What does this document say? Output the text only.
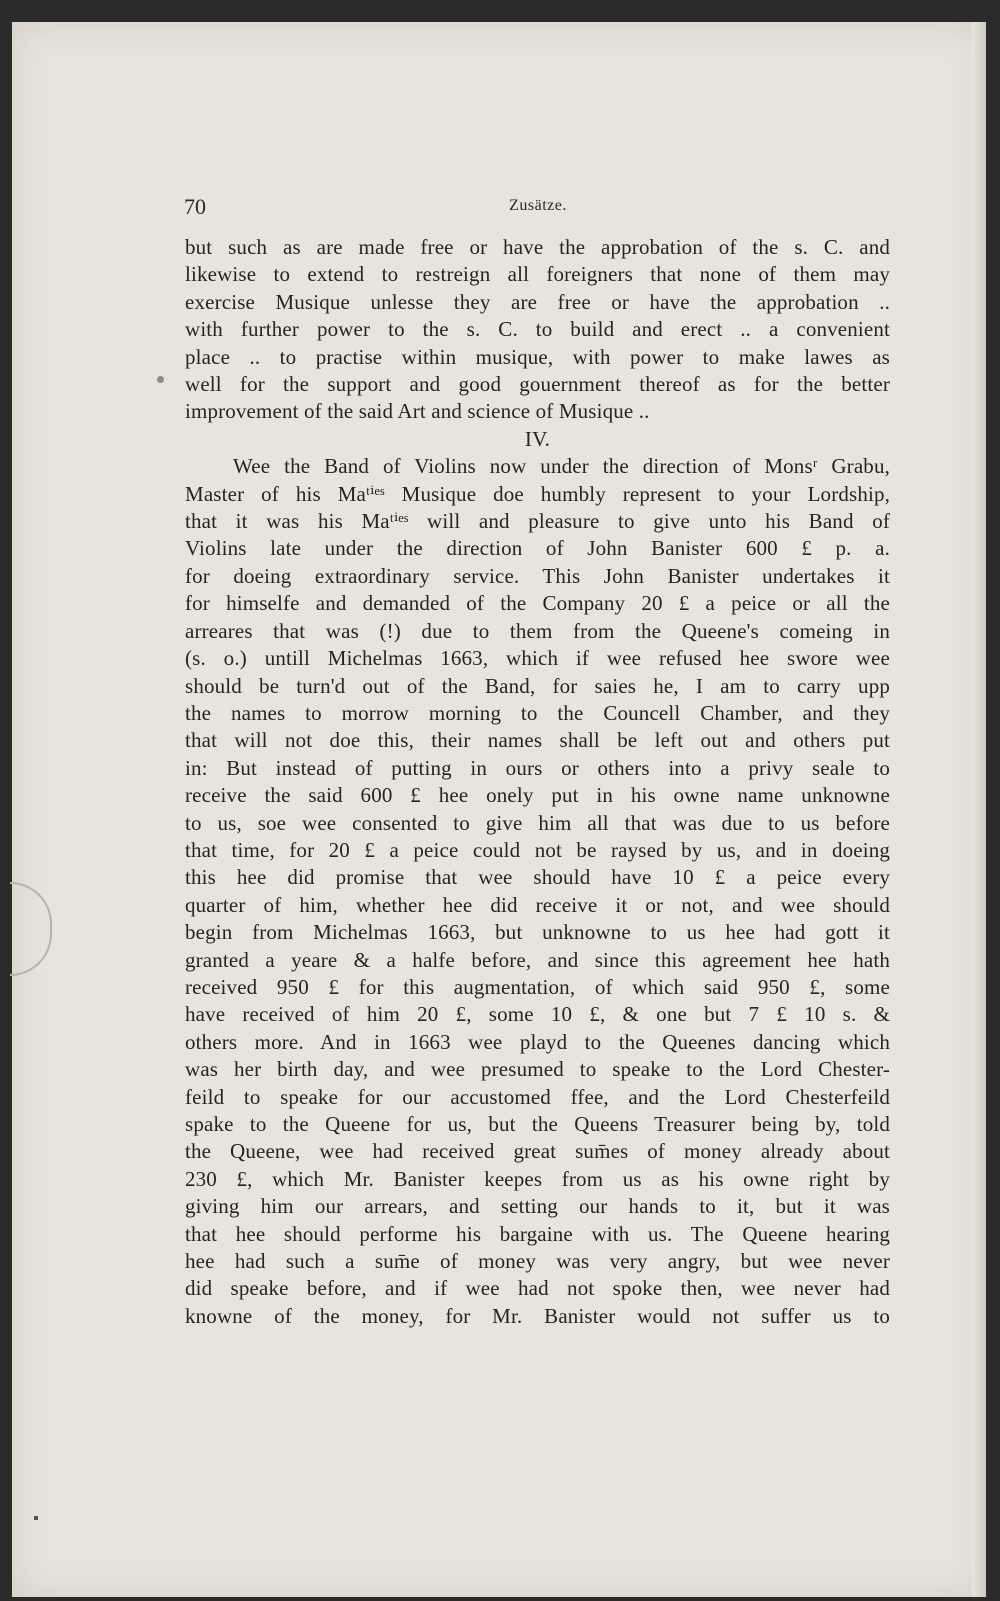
70	Zusätze.
but such as are made free or have the approbation of the s. C. and
likewise to extend to restreign all foreigners that none of them may
exercise Musique unlesse they are free or have the approbation ..
with further power to the s. C. to build and erect .. a convenient
place .. to practise within musique, with power to make lawes as
well for the support and good gouernment thereof as for the better
improvement of the said Art and science of Musique ..
IV.
Wee the Band of Violins now under the direction of Monsʳ Grabu,
Master of his Maᵗⁱᵉˢ Musique doe humbly represent to your Lordship,
that it was his Maᵗⁱᵉˢ will and pleasure to give unto his Band of
Violins late under the direction of John Banister 600 £ p. a.
for doeing extraordinary service. This John Banister undertakes it
for himselfe and demanded of the Company 20 £ a peice or all the
arreares that was (!) due to them from the Queene's comeing in
(s. o.) untill Michelmas 1663, which if wee refused hee swore wee
should be turn'd out of the Band, for saies he, I am to carry upp
the names to morrow morning to the Councell Chamber, and they
that will not doe this, their names shall be left out and others put
in: But instead of putting in ours or others into a privy seale to
receive the said 600 £ hee onely put in his owne name unknowne
to us, soe wee consented to give him all that was due to us before
that time, for 20 £ a peice could not be raysed by us, and in doeing
this hee did promise that wee should have 10 £ a peice every
quarter of him, whether hee did receive it or not, and wee should
begin from Michelmas 1663, but unknowne to us hee had gott it
granted a yeare & a halfe before, and since this agreement hee hath
received 950 £ for this augmentation, of which said 950 £, some
have received of him 20 £, some 10 £, & one but 7 £ 10 s. &
others more. And in 1663 wee playd to the Queenes dancing which
was her birth day, and wee presumed to speake to the Lord Chester-
feild to speake for our accustomed ffee, and the Lord Chesterfeild
spake to the Queene for us, but the Queens Treasurer being by, told
the Queene, wee had received great sum̄es of money already about
230 £, which Mr. Banister keepes from us as his owne right by
giving him our arrears, and setting our hands to it, but it was
that hee should performe his bargaine with us. The Queene hearing
hee had such a sum̄e of money was very angry, but wee never
did speake before, and if wee had not spoke then, wee never had
knowne of the money, for Mr. Banister would not suffer us to
